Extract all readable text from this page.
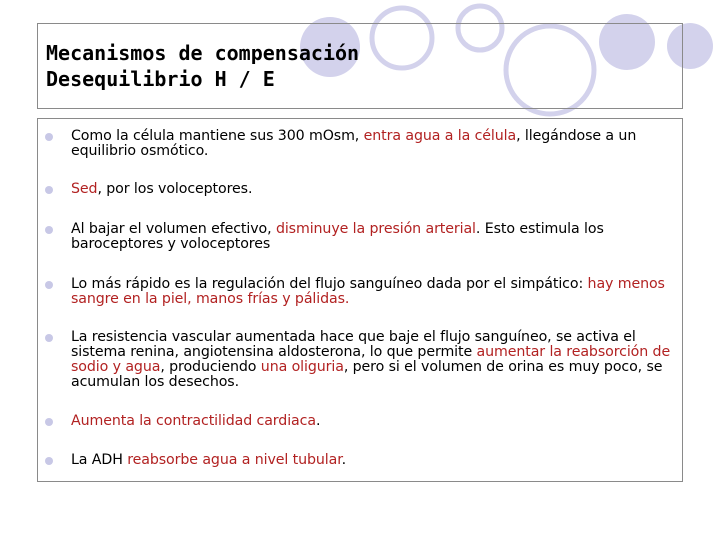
Mecanismos de compensación
Desequilibrio H / E
Como la célula mantiene sus 300 mOsm, entra agua a la célula, llegándose a un equilibrio osmótico.
Sed, por los voloceptores.
Al bajar el volumen efectivo, disminuye la presión arterial. Esto estimula los baroceptores y voloceptores
Lo más rápido es la regulación del flujo sanguíneo dada por el simpático: hay menos sangre en la piel, manos frías y pálidas.
La resistencia vascular aumentada hace que baje el flujo sanguíneo, se activa el sistema renina, angiotensina aldosterona, lo que permite aumentar la reabsorción de sodio y agua, produciendo una oliguria, pero si el volumen de orina es muy poco, se acumulan los desechos.
Aumenta la contractilidad cardiaca.
La ADH reabsorbe agua a nivel tubular.
